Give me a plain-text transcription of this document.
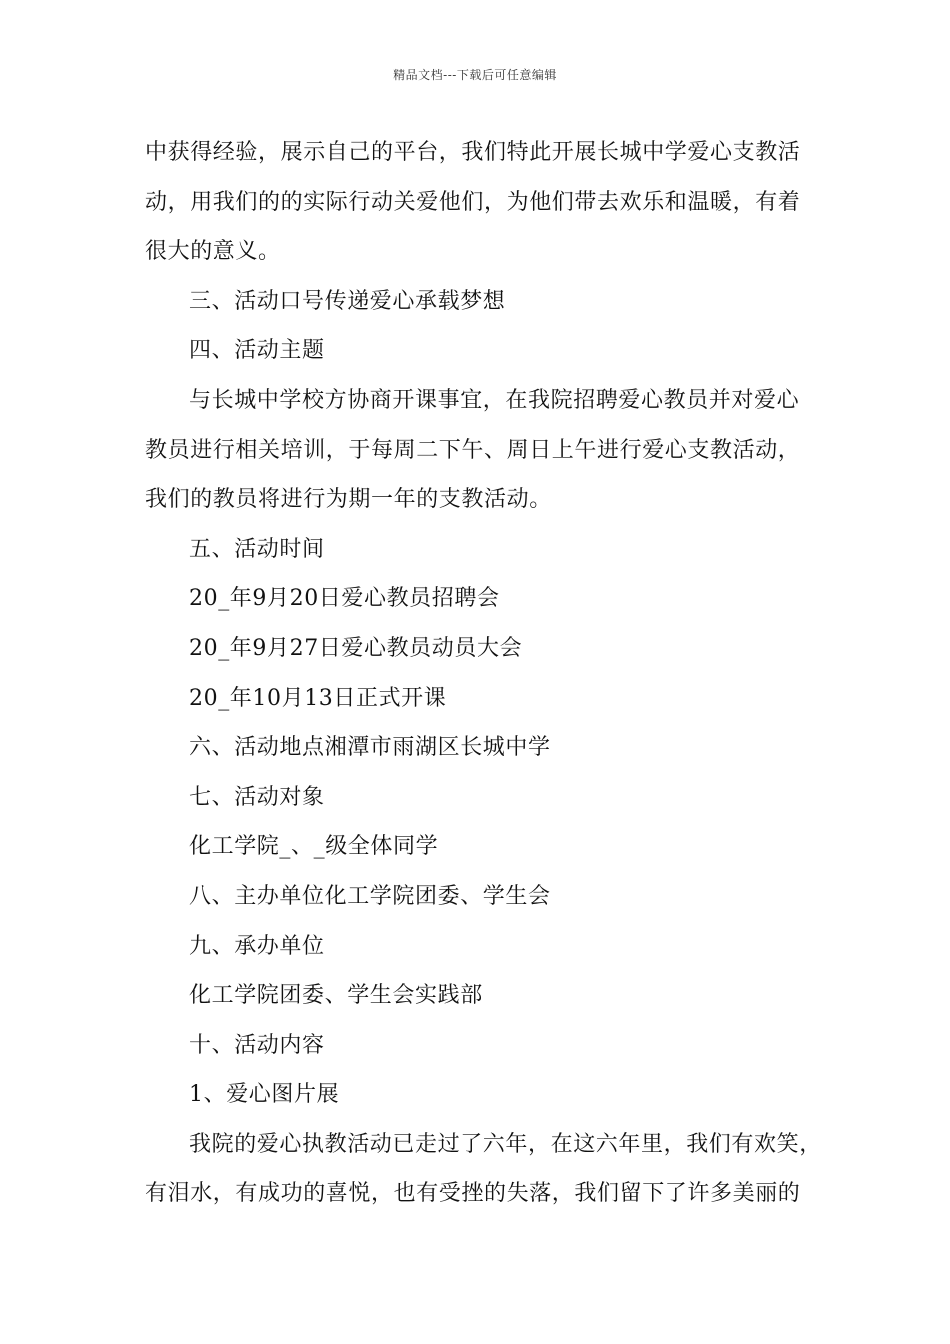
精品文档---下载后可任意编辑
中获得经验，展示自己的平台，我们特此开展长城中学爱心支教活
动，用我们的的实际行动关爱他们，为他们带去欢乐和温暖，有着
很大的意义。
三、活动口号传递爱心承载梦想
四、活动主题
与长城中学校方协商开课事宜，在我院招聘爱心教员并对爱心
教员进行相关培训，于每周二下午、周日上午进行爱心支教活动，
我们的教员将进行为期一年的支教活动。
五、活动时间
20_年9月20日爱心教员招聘会
20_年9月27日爱心教员动员大会
20_年10月13日正式开课
六、活动地点湘潭市雨湖区长城中学
七、活动对象
化工学院_、_级全体同学
八、主办单位化工学院团委、学生会
九、承办单位
化工学院团委、学生会实践部
十、活动内容
1、爱心图片展
我院的爱心执教活动已走过了六年，在这六年里，我们有欢笑，
有泪水，有成功的喜悦，也有受挫的失落，我们留下了许多美丽的
